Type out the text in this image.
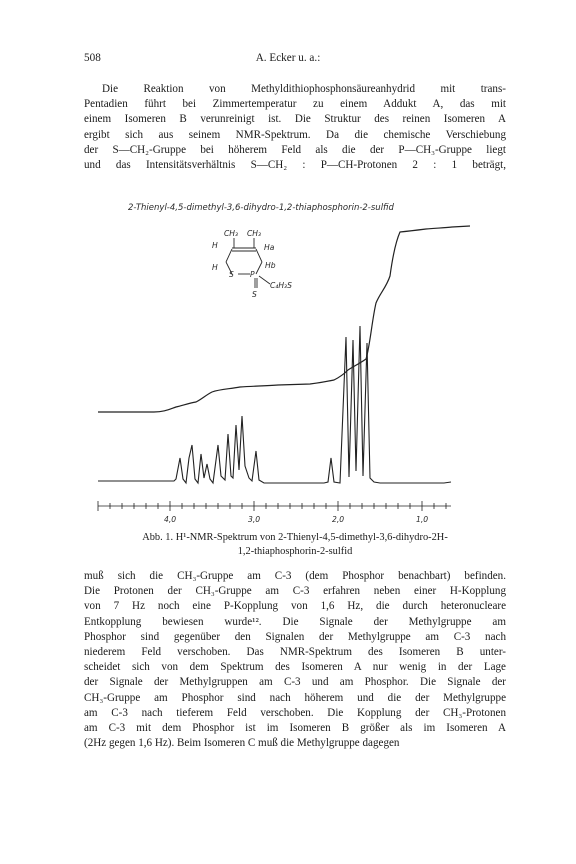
508	A. Ecker u. a.:
Die Reaktion von Methyldithiophosphonsäureanhydrid mit trans-
Pentadien führt bei Zimmertemperatur zu einem Addukt A, das mit
einem Isomeren B verunreinigt ist. Die Struktur des reinen Isomeren A
ergibt sich aus seinem NMR-Spektrum. Da die chemische Verschiebung
der S—CH₂-Gruppe bei höherem Feld als die der P—CH₃-Gruppe liegt
und das Intensitätsverhältnis S—CH₂ : P—CH-Protonen 2 : 1 beträgt,
2-Thienyl-4,5-dimethyl-3,6-dihydro-1,2-thiaphosphorin-2-sulfid
CH₃ CH₃
H	Ha
H
S P
Hb
S
C₄H₃S
4,0	3,0	2,0	1,0
Abb. 1. H¹-NMR-Spektrum von 2-Thienyl-4,5-dimethyl-3,6-dihydro-2H-
1,2-thiaphosphorin-2-sulfid
muß sich die CH₃-Gruppe am C-3 (dem Phosphor benachbart) befinden.
Die Protonen der CH₃-Gruppe am C-3 erfahren neben einer H-Kopplung
von 7 Hz noch eine P-Kopplung von 1,6 Hz, die durch heteronucleare
Entkopplung bewiesen wurde¹². Die Signale der Methylgruppe am
Phosphor sind gegenüber den Signalen der Methylgruppe am C-3 nach
niederem Feld verschoben. Das NMR-Spektrum des Isomeren B unter-
scheidet sich von dem Spektrum des Isomeren A nur wenig in der Lage
der Signale der Methylgruppen am C-3 und am Phosphor. Die Signale der
CH₃-Gruppe am Phosphor sind nach höherem und die der Methylgruppe
am C-3 nach tieferem Feld verschoben. Die Kopplung der CH₃-Protonen
am C-3 mit dem Phosphor ist im Isomeren B größer als im Isomeren A
(2Hz gegen 1,6 Hz). Beim Isomeren C muß die Methylgruppe dagegen
